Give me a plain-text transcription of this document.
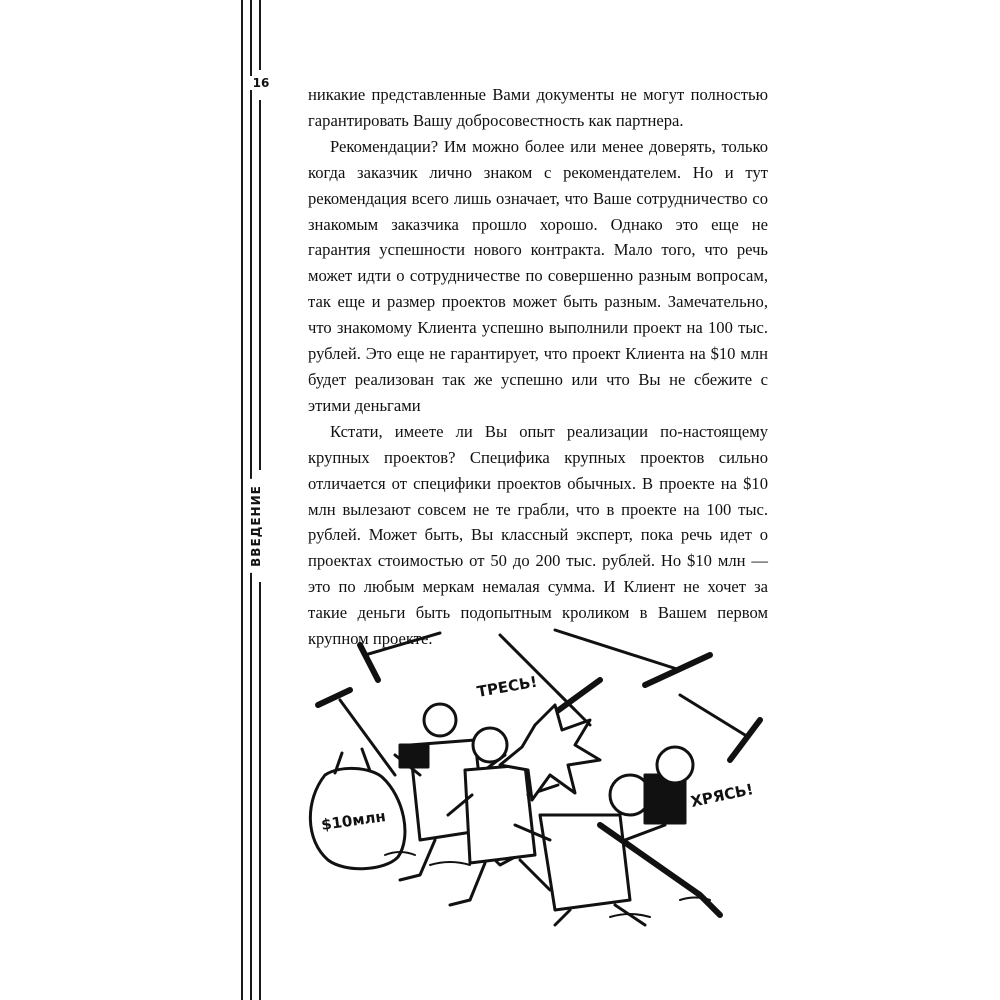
16
ВВЕДЕНИЕ

никакие представленные Вами документы не могут полностью гарантировать Вашу добросовестность как партнера.

Рекомендации? Им можно более или менее доверять, только когда заказчик лично знаком с рекомендателем. Но и тут рекомендация всего лишь означает, что Ваше сотрудничество со знакомым заказчика прошло хорошо. Однако это еще не гарантия успешности нового контракта. Мало того, что речь может идти о сотрудничестве по совершенно разным вопросам, так еще и размер проектов может быть разным. Замечательно, что знакомому Клиента успешно выполнили проект на 100 тыс. рублей. Это еще не гарантирует, что проект Клиента на $10 млн будет реализован так же успешно или что Вы не сбежите с этими деньгами

Кстати, имеете ли Вы опыт реализации по-настоящему крупных проектов? Специфика крупных проектов сильно отличается от специфики проектов обычных. В проекте на $10 млн вылезают совсем не те грабли, что в проекте на 100 тыс. рублей. Может быть, Вы классный эксперт, пока речь идет о проектах стоимостью от 50 до 200 тыс. рублей. Но $10 млн — это по любым меркам немалая сумма. И Клиент не хочет за такие деньги быть подопытным кроликом в Вашем первом крупном проекте.

$10млн
ТРЕСЬ!
ХРЯСЬ!
